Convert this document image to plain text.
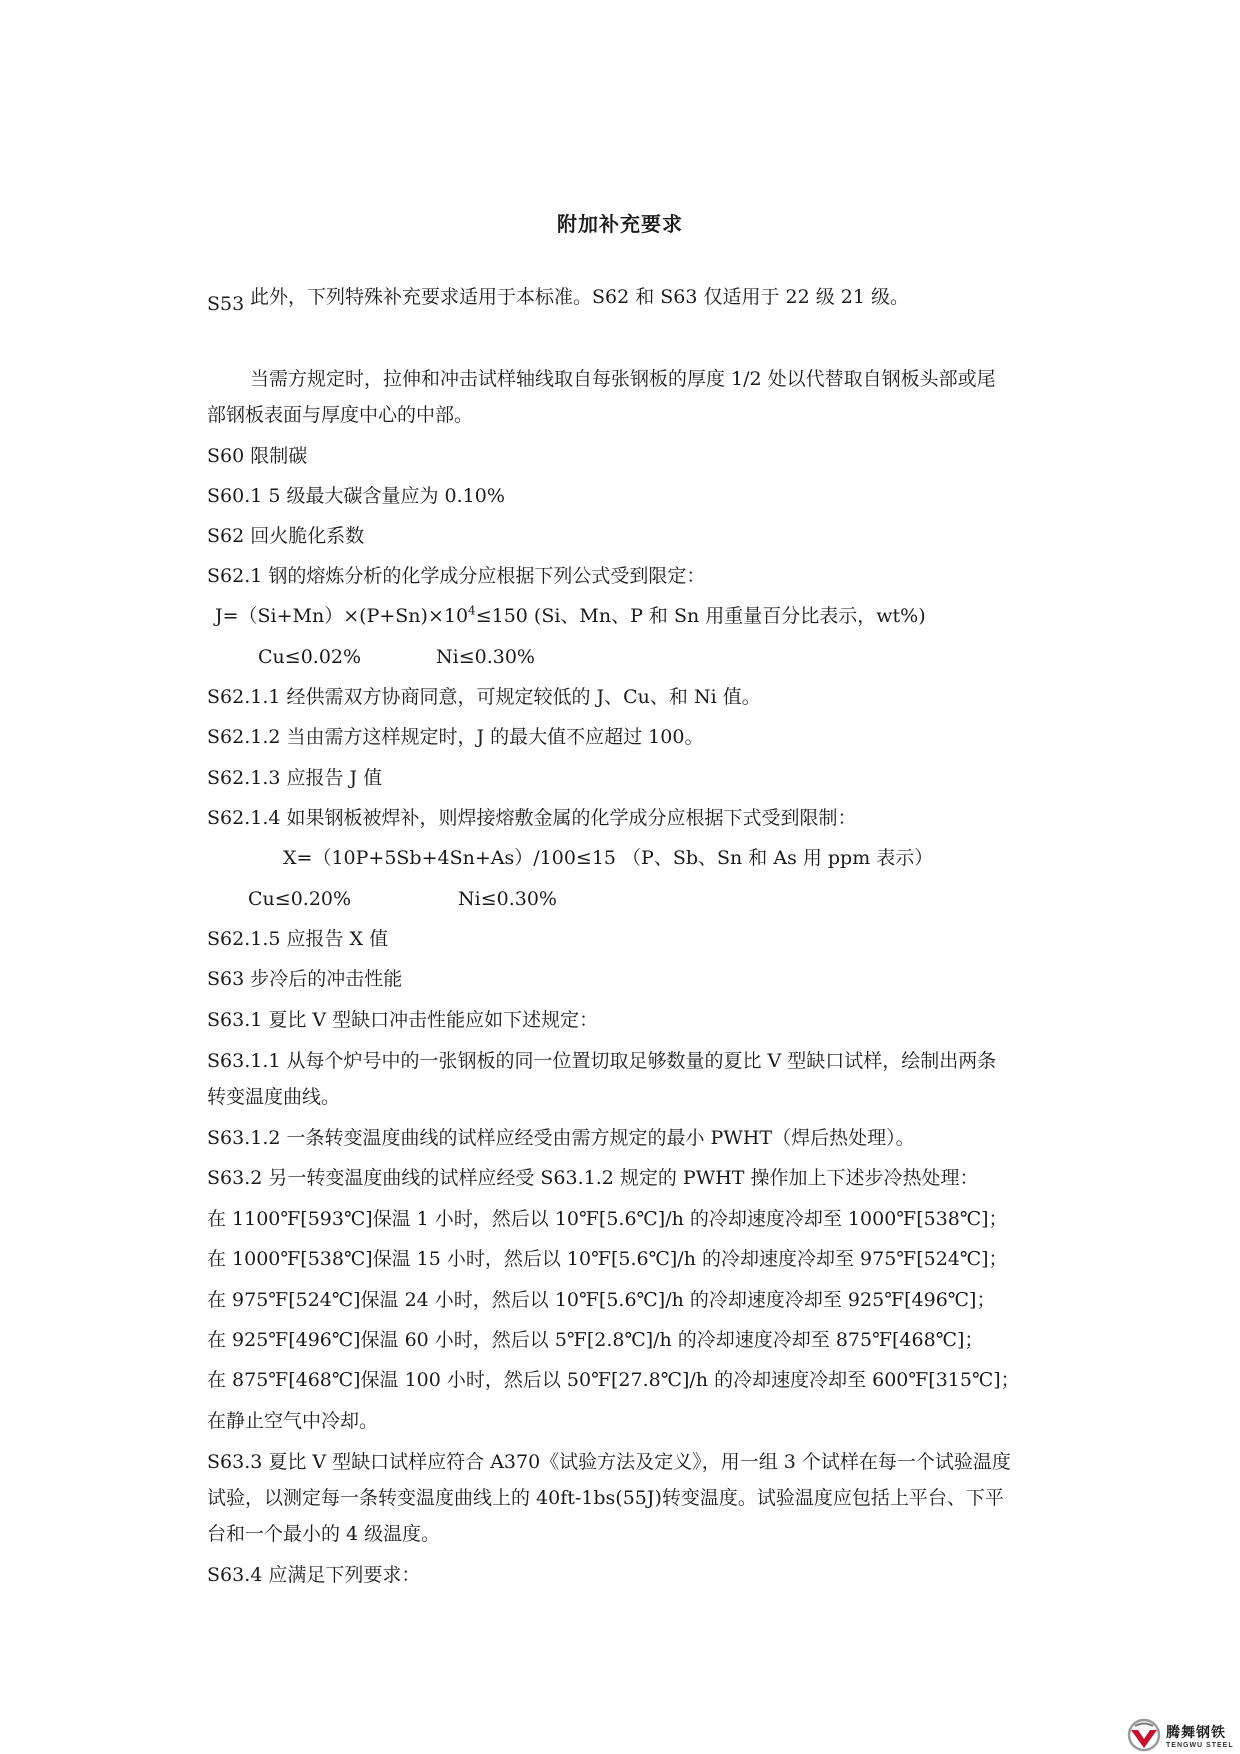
附加补充要求
此外，下列特殊补充要求适用于本标准。S62 和 S63 仅适用于 22 级 21 级。
S53
当需方规定时，拉伸和冲击试样轴线取自每张钢板的厚度 1/2 处以代替取自钢板头部或尾
部钢板表面与厚度中心的中部。
S60 限制碳
S60.1 5 级最大碳含量应为 0.10%
S62 回火脆化系数
S62.1 钢的熔炼分析的化学成分应根据下列公式受到限定：
$J=(Si+Mn)\times(P+Sn)\times 10^4\le 150$ (Si、Mn、P 和 Sn 用重量百分比表示，wt%)
Cu≤0.02%	Ni≤0.30%
S62.1.1 经供需双方协商同意，可规定较低的 J、Cu、和 Ni 值。
S62.1.2 当由需方这样规定时，J 的最大值不应超过 100。
S62.1.3 应报告 J 值
S62.1.4 如果钢板被焊补，则焊接熔敷金属的化学成分应根据下式受到限制：
X=（10P+5Sb+4Sn+As）/100≤15 （P、Sb、Sn 和 As 用 ppm 表示）
Cu≤0.20%	Ni≤0.30%
S62.1.5 应报告 X 值
S63 步冷后的冲击性能
S63.1 夏比 V 型缺口冲击性能应如下述规定：
S63.1.1 从每个炉号中的一张钢板的同一位置切取足够数量的夏比 V 型缺口试样，绘制出两条
转变温度曲线。
S63.1.2 一条转变温度曲线的试样应经受由需方规定的最小 PWHT（焊后热处理）。
S63.2 另一转变温度曲线的试样应经受 S63.1.2 规定的 PWHT 操作加上下述步冷热处理：
在 1100℉[593℃]保温 1 小时，然后以 10℉[5.6℃]/h 的冷却速度冷却至 1000℉[538℃]；
在 1000℉[538℃]保温 15 小时，然后以 10℉[5.6℃]/h 的冷却速度冷却至 975℉[524℃]；
在 975℉[524℃]保温 24 小时，然后以 10℉[5.6℃]/h 的冷却速度冷却至 925℉[496℃]；
在 925℉[496℃]保温 60 小时，然后以 5℉[2.8℃]/h 的冷却速度冷却至 875℉[468℃]；
在 875℉[468℃]保温 100 小时，然后以 50℉[27.8℃]/h 的冷却速度冷却至 600℉[315℃]；
在静止空气中冷却。
S63.3 夏比 V 型缺口试样应符合 A370《试验方法及定义》，用一组 3 个试样在每一个试验温度
试验，以测定每一条转变温度曲线上的 40ft-1bs(55J)转变温度。试验温度应包括上平台、下平
台和一个最小的 4 级温度。
S63.4 应满足下列要求：
腾舞钢铁
TENGWU STEEL
